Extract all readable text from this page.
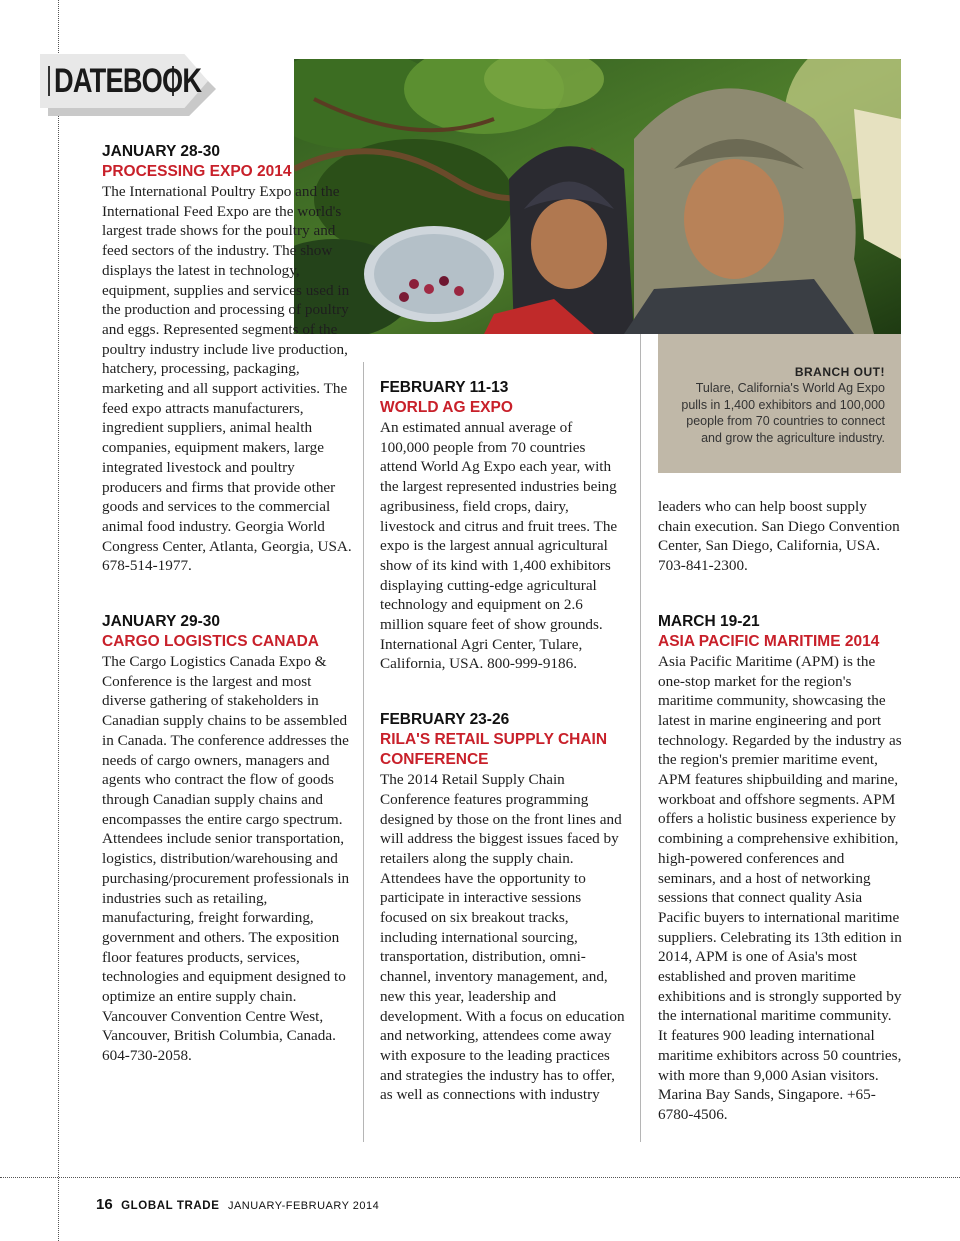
DATEBOOK
BRANCH OUT!
Tulare, California's World Ag Expo pulls in 1,400 exhibitors and 100,000 people from 70 countries to connect and grow the agriculture industry.
JANUARY 28-30
PROCESSING EXPO 2014
The International Poultry Expo and the International Feed Expo are the world's largest trade shows for the poultry and feed sectors of the industry. The show displays the latest in technology, equipment, supplies and services used in the production and processing of poultry and eggs. Represented segments of the poultry industry include live production, hatchery, processing, packaging, marketing and all support activities. The feed expo attracts manufacturers, ingredient suppliers, animal health companies, equipment makers, large integrated livestock and poultry producers and firms that provide other goods and services to the commercial animal food industry. Georgia World Congress Center, Atlanta, Georgia, USA. 678-514-1977.
JANUARY 29-30
CARGO LOGISTICS CANADA
The Cargo Logistics Canada Expo & Conference is the largest and most diverse gathering of stakeholders in Canadian supply chains to be assembled in Canada. The conference addresses the needs of cargo owners, managers and agents who contract the flow of goods through Canadian supply chains and encompasses the entire cargo spectrum. Attendees include senior transportation, logistics, distribution/warehousing and purchasing/procurement professionals in industries such as retailing, manufacturing, freight forwarding, government and others. The exposition floor features products, services, technologies and equipment designed to optimize an entire supply chain. Vancouver Convention Centre West, Vancouver, British Columbia, Canada. 604-730-2058.
FEBRUARY 11-13
WORLD AG EXPO
An estimated annual average of 100,000 people from 70 countries attend World Ag Expo each year, with the largest represented industries being agribusiness, field crops, dairy, livestock and citrus and fruit trees. The expo is the largest annual agricultural show of its kind with 1,400 exhibitors displaying cutting-edge agricultural technology and equipment on 2.6 million square feet of show grounds. International Agri Center, Tulare, California, USA. 800-999-9186.
FEBRUARY 23-26
RILA'S RETAIL SUPPLY CHAIN CONFERENCE
The 2014 Retail Supply Chain Conference features programming designed by those on the front lines and will address the biggest issues faced by retailers along the supply chain. Attendees have the opportunity to participate in interactive sessions focused on six breakout tracks, including international sourcing, transportation, distribution, omni-channel, inventory management, and, new this year, leadership and development. With a focus on education and networking, attendees come away with exposure to the leading practices and strategies the industry has to offer, as well as connections with industry
leaders who can help boost supply chain execution. San Diego Convention Center, San Diego, California, USA. 703-841-2300.
MARCH 19-21
ASIA PACIFIC MARITIME 2014
Asia Pacific Maritime (APM) is the one-stop market for the region's maritime community, showcasing the latest in marine engineering and port technology. Regarded by the industry as the region's premier maritime event, APM features shipbuilding and marine, workboat and offshore segments. APM offers a holistic business experience by combining a comprehensive exhibition, high-powered conferences and seminars, and a host of networking sessions that connect quality Asia Pacific buyers to international maritime suppliers. Celebrating its 13th edition in 2014, APM is one of Asia's most established and proven maritime exhibitions and is strongly supported by the international maritime community. It features 900 leading international maritime exhibitors across 50 countries, with more than 9,000 Asian visitors. Marina Bay Sands, Singapore. +65-6780-4506.
16 GLOBAL TRADE JANUARY-FEBRUARY 2014
